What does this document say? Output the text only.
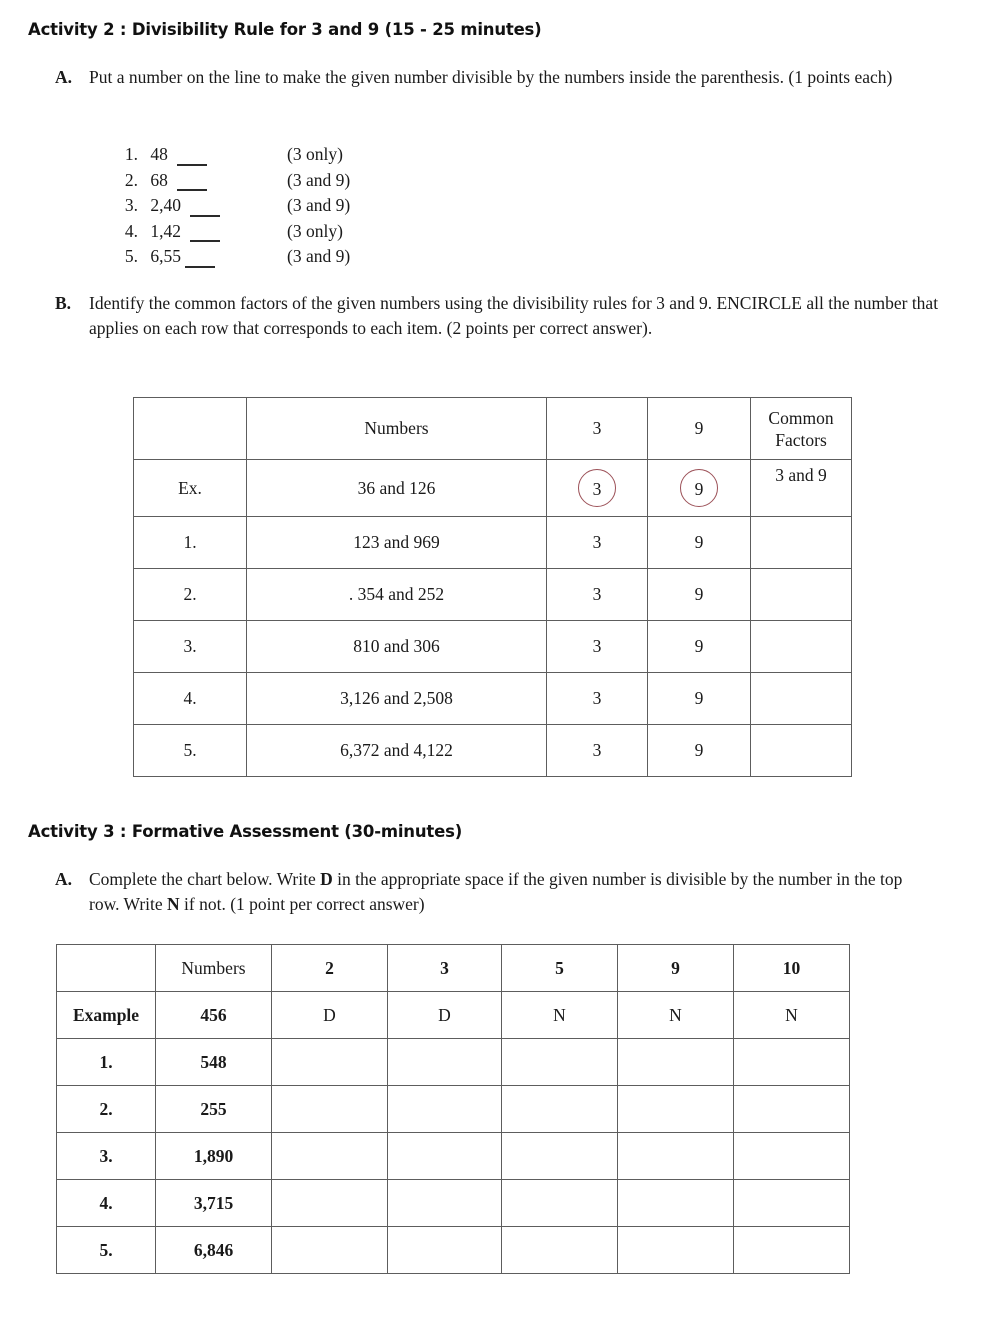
Activity 2 : Divisibility Rule for 3 and 9 (15 - 25 minutes)
A. Put a number on the line to make the given number divisible by the numbers inside the parenthesis. (1 points each)
1. 48	(3 only)
2. 68	(3 and 9)
3. 2,40	(3 and 9)
4. 1,42	(3 only)
5. 6,55	(3 and 9)
B. Identify the common factors of the given numbers using the divisibility rules for 3 and 9. ENCIRCLE all the number that applies on each row that corresponds to each item. (2 points per correct answer).
	Numbers	3	9	Common
Factors
Ex.	36 and 126	3	9	3 and 9
1.	123 and 969	3	9	
2.	. 354 and 252	3	9	
3.	810 and 306	3	9	
4.	3,126 and 2,508	3	9	
5.	6,372 and 4,122	3	9	
Activity 3 : Formative Assessment (30-minutes)
A. Complete the chart below. Write D in the appropriate space if the given number is divisible by the number in the top row. Write N if not. (1 point per correct answer)
	Numbers	2	3	5	9	10
Example	456	D	D	N	N	N
1.	548					
2.	255					
3.	1,890					
4.	3,715					
5.	6,846					
